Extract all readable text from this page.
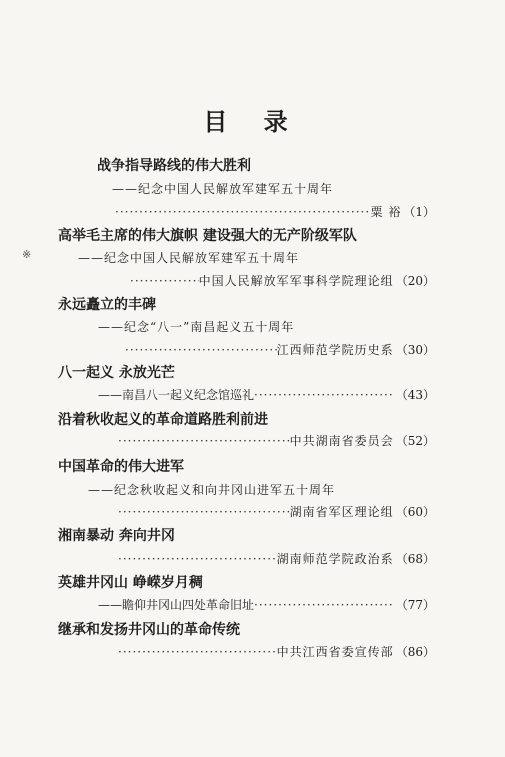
目 录
※
战争指导路线的伟大胜利
——纪念中国人民解放军建军五十周年
·····
粟 裕 （1）
高举毛主席的伟大旗帜 建设强大的无产阶级军队
——纪念中国人民解放军建军五十周年
·····
中国人民解放军军事科学院理论组 （20）
永远矗立的丰碑
——纪念“八一”南昌起义五十周年
·····
江西师范学院历史系 （30）
八一起义 永放光芒
——南昌八一起义纪念馆巡礼 ·····	（43）
沿着秋收起义的革命道路胜利前进
·····
中共湖南省委员会 （52）
中国革命的伟大进军
——纪念秋收起义和向井冈山进军五十周年
·····
湖南省军区理论组 （60）
湘南暴动 奔向井冈
·····
湖南师范学院政治系 （68）
英雄井冈山 峥嵘岁月稠
——瞻仰井冈山四处革命旧址 ·····	（77）
继承和发扬井冈山的革命传统
·····
中共江西省委宣传部 （86）
